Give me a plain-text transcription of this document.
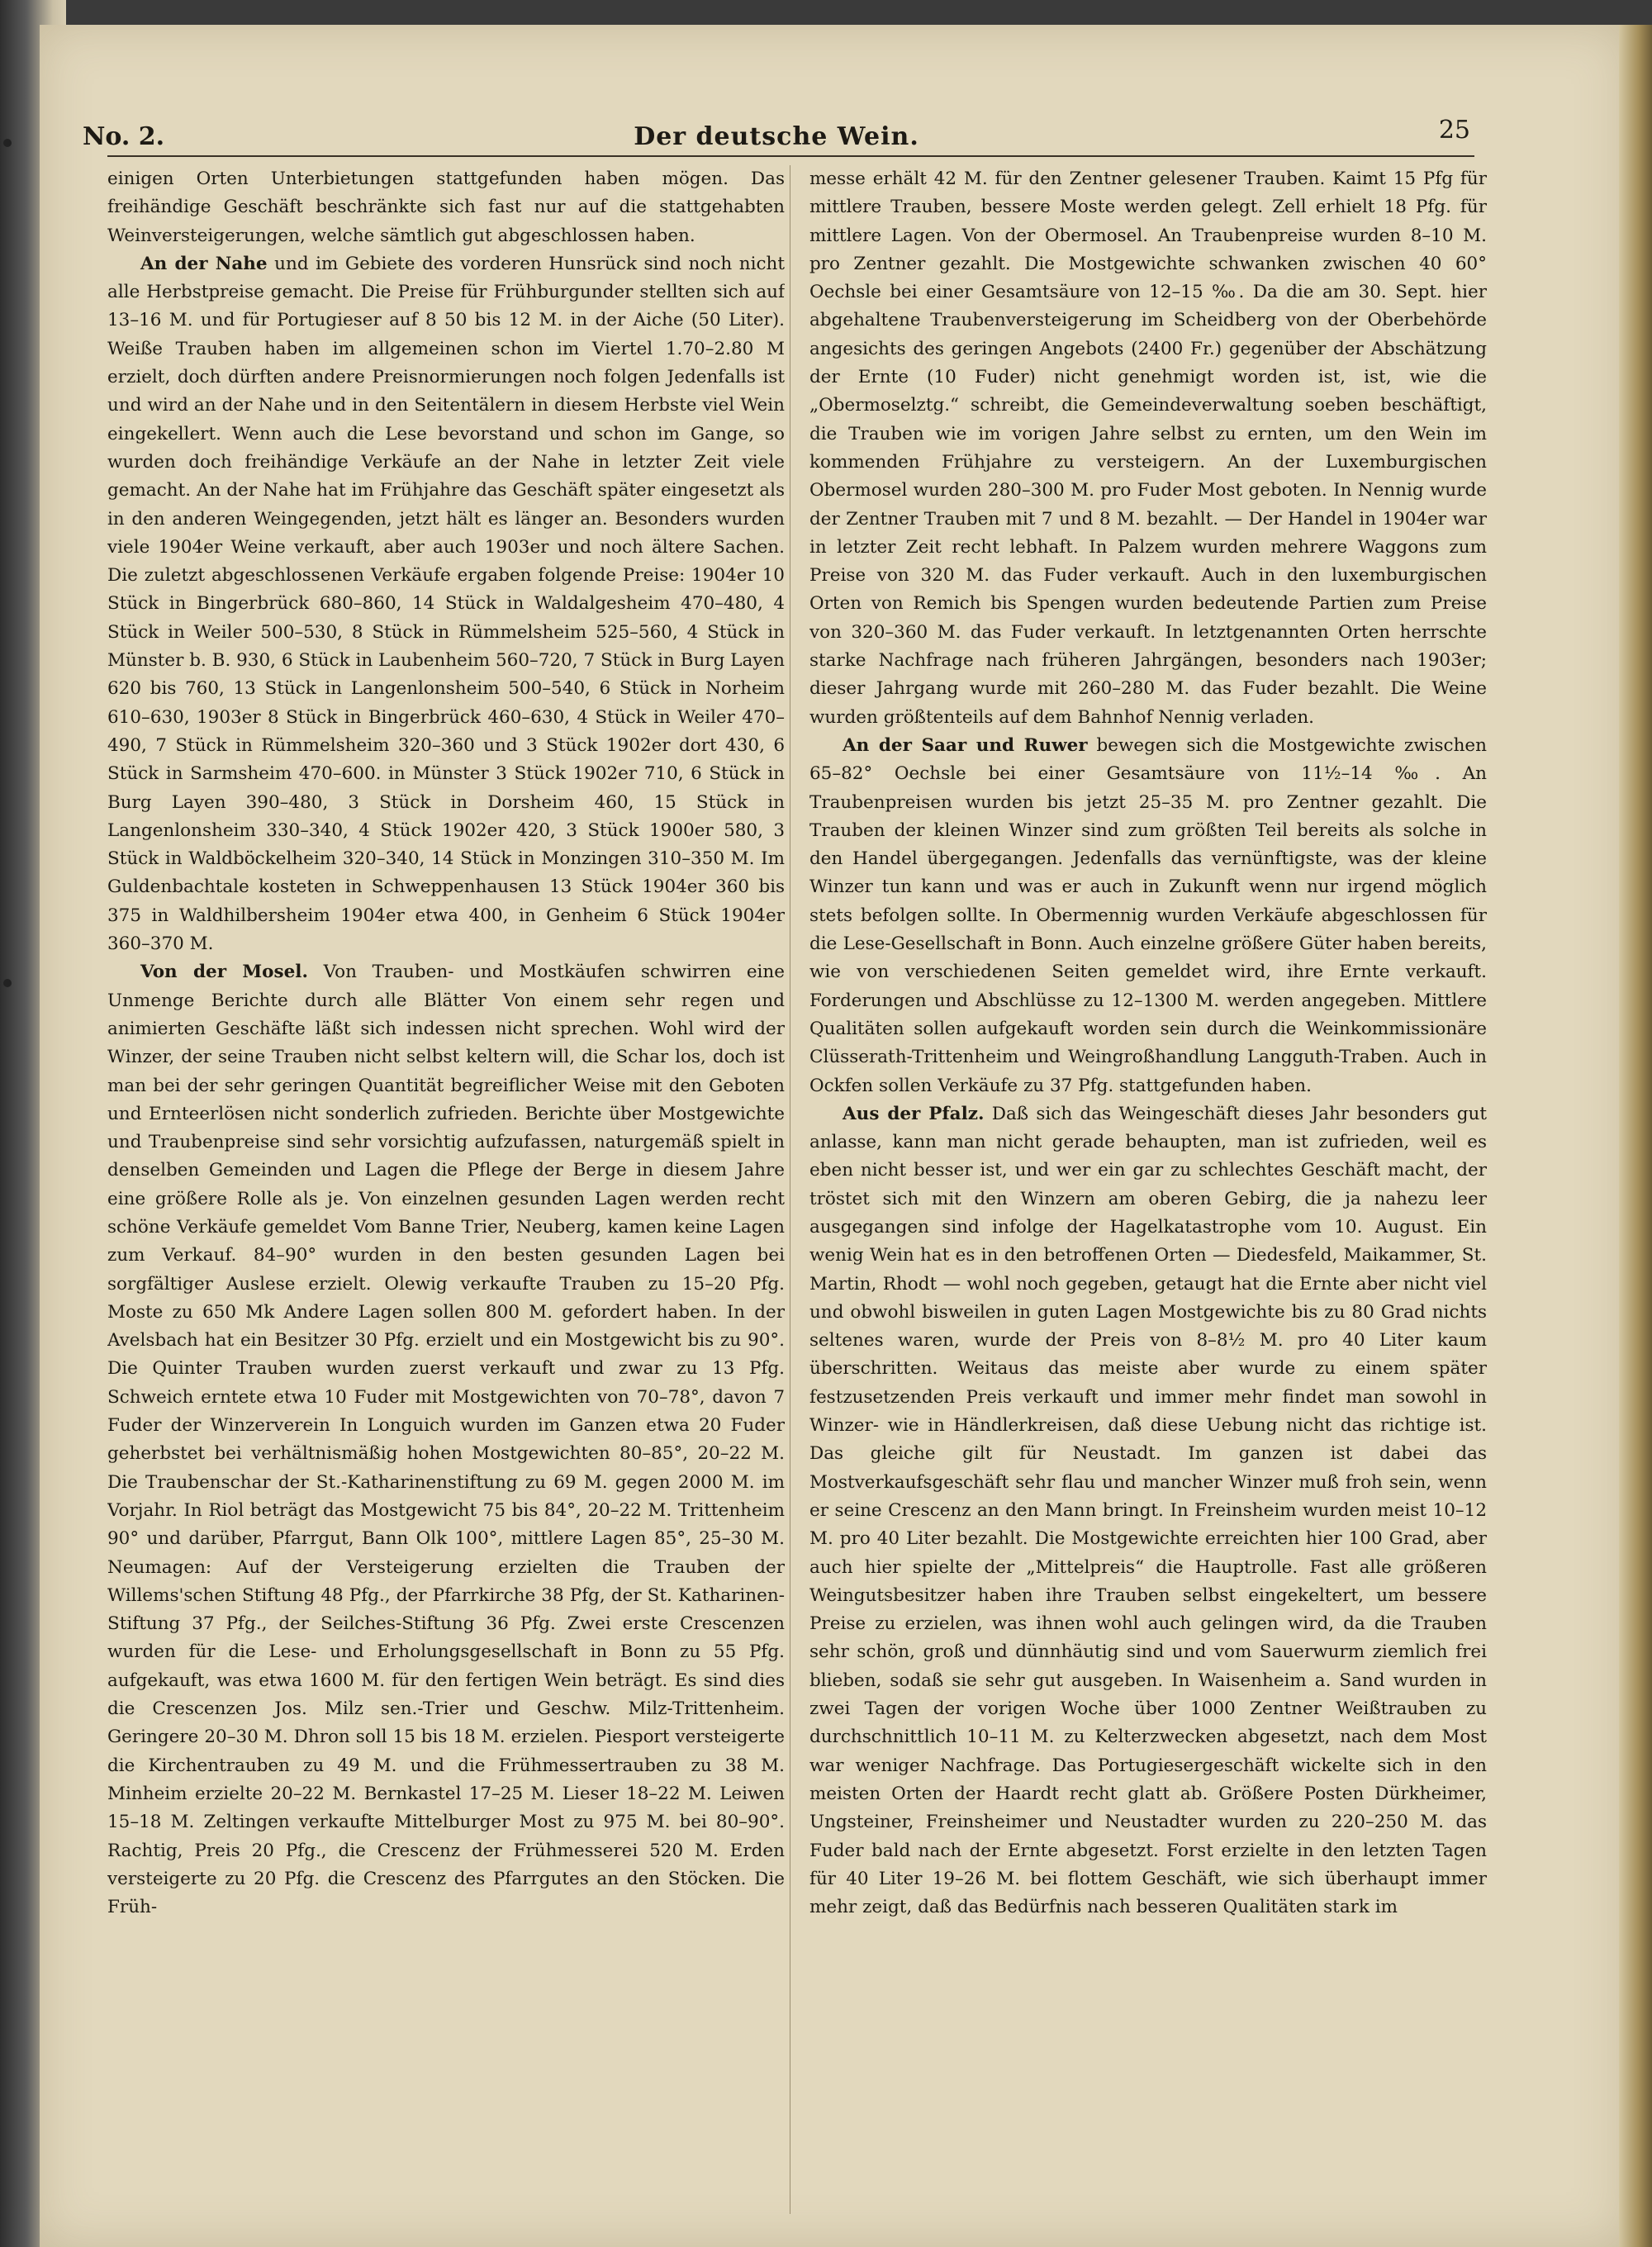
No. 2.	Der deutsche Wein.	25

einigen Orten Unterbietungen stattgefunden haben mögen. Das freihändige Geschäft beschränkte sich fast nur auf die stattgehabten Weinversteigerungen, welche sämtlich gut abgeschlossen haben.

An der Nahe und im Gebiete des vorderen Hunsrück sind noch nicht alle Herbstpreise gemacht. Die Preise für Frühburgunder stellten sich auf 13–16 M. und für Portugieser auf 8 50 bis 12 M. in der Aiche (50 Liter). Weiße Trauben haben im allgemeinen schon im Viertel 1.70–2.80 M erzielt, doch dürften andere Preisnormierungen noch folgen Jedenfalls ist und wird an der Nahe und in den Seitentälern in diesem Herbste viel Wein eingekellert. Wenn auch die Lese bevorstand und schon im Gange, so wurden doch freihändige Verkäufe an der Nahe in letzter Zeit viele gemacht. An der Nahe hat im Frühjahre das Geschäft später eingesetzt als in den anderen Weingegenden, jetzt hält es länger an. Besonders wurden viele 1904er Weine verkauft, aber auch 1903er und noch ältere Sachen. Die zuletzt abgeschlossenen Verkäufe ergaben folgende Preise: 1904er 10 Stück in Bingerbrück 680–860, 14 Stück in Waldalgesheim 470–480, 4 Stück in Weiler 500–530, 8 Stück in Rümmelsheim 525–560, 4 Stück in Münster b. B. 930, 6 Stück in Laubenheim 560–720, 7 Stück in Burg Layen 620 bis 760, 13 Stück in Langenlonsheim 500–540, 6 Stück in Norheim 610–630, 1903er 8 Stück in Bingerbrück 460–630, 4 Stück in Weiler 470–490, 7 Stück in Rümmelsheim 320–360 und 3 Stück 1902er dort 430, 6 Stück in Sarmsheim 470–600. in Münster 3 Stück 1902er 710, 6 Stück in Burg Layen 390–480, 3 Stück in Dorsheim 460, 15 Stück in Langenlonsheim 330–340, 4 Stück 1902er 420, 3 Stück 1900er 580, 3 Stück in Waldböckelheim 320–340, 14 Stück in Monzingen 310–350 M. Im Guldenbachtale kosteten in Schweppenhausen 13 Stück 1904er 360 bis 375 in Waldhilbersheim 1904er etwa 400, in Genheim 6 Stück 1904er 360–370 M.

Von der Mosel. Von Trauben- und Mostkäufen schwirren eine Unmenge Berichte durch alle Blätter Von einem sehr regen und animierten Geschäfte läßt sich indessen nicht sprechen. Wohl wird der Winzer, der seine Trauben nicht selbst keltern will, die Schar los, doch ist man bei der sehr geringen Quantität begreiflicher Weise mit den Geboten und Ernteerlösen nicht sonderlich zufrieden. Berichte über Mostgewichte und Traubenpreise sind sehr vorsichtig aufzufassen, naturgemäß spielt in denselben Gemeinden und Lagen die Pflege der Berge in diesem Jahre eine größere Rolle als je. Von einzelnen gesunden Lagen werden recht schöne Verkäufe gemeldet Vom Banne Trier, Neuberg, kamen keine Lagen zum Verkauf. 84–90° wurden in den besten gesunden Lagen bei sorgfältiger Auslese erzielt. Olewig verkaufte Trauben zu 15–20 Pfg. Moste zu 650 Mk Andere Lagen sollen 800 M. gefordert haben. In der Avelsbach hat ein Besitzer 30 Pfg. erzielt und ein Mostgewicht bis zu 90°. Die Quinter Trauben wurden zuerst verkauft und zwar zu 13 Pfg. Schweich erntete etwa 10 Fuder mit Mostgewichten von 70–78°, davon 7 Fuder der Winzerverein In Longuich wurden im Ganzen etwa 20 Fuder geherbstet bei verhältnismäßig hohen Mostgewichten 80–85°, 20–22 M. Die Traubenschar der St.-Katharinenstiftung zu 69 M. gegen 2000 M. im Vorjahr. In Riol beträgt das Mostgewicht 75 bis 84°, 20–22 M. Trittenheim 90° und darüber, Pfarrgut, Bann Olk 100°, mittlere Lagen 85°, 25–30 M. Neumagen: Auf der Versteigerung erzielten die Trauben der Willems'schen Stiftung 48 Pfg., der Pfarrkirche 38 Pfg, der St. Katharinen-Stiftung 37 Pfg., der Seilches-Stiftung 36 Pfg. Zwei erste Crescenzen wurden für die Lese- und Erholungsgesellschaft in Bonn zu 55 Pfg. aufgekauft, was etwa 1600 M. für den fertigen Wein beträgt. Es sind dies die Crescenzen Jos. Milz sen.-Trier und Geschw. Milz-Trittenheim. Geringere 20–30 M. Dhron soll 15 bis 18 M. erzielen. Piesport versteigerte die Kirchentrauben zu 49 M. und die Frühmessertrauben zu 38 M. Minheim erzielte 20–22 M. Bernkastel 17–25 M. Lieser 18–22 M. Leiwen 15–18 M. Zeltingen verkaufte Mittelburger Most zu 975 M. bei 80–90°. Rachtig, Preis 20 Pfg., die Crescenz der Frühmesserei 520 M. Erden versteigerte zu 20 Pfg. die Crescenz des Pfarrgutes an den Stöcken. Die Früh-

messe erhält 42 M. für den Zentner gelesener Trauben. Kaimt 15 Pfg für mittlere Trauben, bessere Moste werden gelegt. Zell erhielt 18 Pfg. für mittlere Lagen. Von der Obermosel. An Traubenpreise wurden 8–10 M. pro Zentner gezahlt. Die Mostgewichte schwanken zwischen 40 60° Oechsle bei einer Gesamtsäure von 12–15 ‰. Da die am 30. Sept. hier abgehaltene Traubenversteigerung im Scheidberg von der Oberbehörde angesichts des geringen Angebots (2400 Fr.) gegenüber der Abschätzung der Ernte (10 Fuder) nicht genehmigt worden ist, ist, wie die „Obermoselztg.“ schreibt, die Gemeindeverwaltung soeben beschäftigt, die Trauben wie im vorigen Jahre selbst zu ernten, um den Wein im kommenden Frühjahre zu versteigern. An der Luxemburgischen Obermosel wurden 280–300 M. pro Fuder Most geboten. In Nennig wurde der Zentner Trauben mit 7 und 8 M. bezahlt. — Der Handel in 1904er war in letzter Zeit recht lebhaft. In Palzem wurden mehrere Waggons zum Preise von 320 M. das Fuder verkauft. Auch in den luxemburgischen Orten von Remich bis Spengen wurden bedeutende Partien zum Preise von 320–360 M. das Fuder verkauft. In letztgenannten Orten herrschte starke Nachfrage nach früheren Jahrgängen, besonders nach 1903er; dieser Jahrgang wurde mit 260–280 M. das Fuder bezahlt. Die Weine wurden größtenteils auf dem Bahnhof Nennig verladen.

An der Saar und Ruwer bewegen sich die Mostgewichte zwischen 65–82° Oechsle bei einer Gesamtsäure von 11½–14 ‰. An Traubenpreisen wurden bis jetzt 25–35 M. pro Zentner gezahlt. Die Trauben der kleinen Winzer sind zum größten Teil bereits als solche in den Handel übergegangen. Jedenfalls das vernünftigste, was der kleine Winzer tun kann und was er auch in Zukunft wenn nur irgend möglich stets befolgen sollte. In Obermennig wurden Verkäufe abgeschlossen für die Lese-Gesellschaft in Bonn. Auch einzelne größere Güter haben bereits, wie von verschiedenen Seiten gemeldet wird, ihre Ernte verkauft. Forderungen und Abschlüsse zu 12–1300 M. werden angegeben. Mittlere Qualitäten sollen aufgekauft worden sein durch die Weinkommissionäre Clüsserath-Trittenheim und Weingroßhandlung Langguth-Traben. Auch in Ockfen sollen Verkäufe zu 37 Pfg. stattgefunden haben.

Aus der Pfalz. Daß sich das Weingeschäft dieses Jahr besonders gut anlasse, kann man nicht gerade behaupten, man ist zufrieden, weil es eben nicht besser ist, und wer ein gar zu schlechtes Geschäft macht, der tröstet sich mit den Winzern am oberen Gebirg, die ja nahezu leer ausgegangen sind infolge der Hagelkatastrophe vom 10. August. Ein wenig Wein hat es in den betroffenen Orten — Diedesfeld, Maikammer, St. Martin, Rhodt — wohl noch gegeben, getaugt hat die Ernte aber nicht viel und obwohl bisweilen in guten Lagen Mostgewichte bis zu 80 Grad nichts seltenes waren, wurde der Preis von 8–8½ M. pro 40 Liter kaum überschritten. Weitaus das meiste aber wurde zu einem später festzusetzenden Preis verkauft und immer mehr findet man sowohl in Winzer- wie in Händlerkreisen, daß diese Uebung nicht das richtige ist. Das gleiche gilt für Neustadt. Im ganzen ist dabei das Mostverkaufsgeschäft sehr flau und mancher Winzer muß froh sein, wenn er seine Crescenz an den Mann bringt. In Freinsheim wurden meist 10–12 M. pro 40 Liter bezahlt. Die Mostgewichte erreichten hier 100 Grad, aber auch hier spielte der „Mittelpreis“ die Hauptrolle. Fast alle größeren Weingutsbesitzer haben ihre Trauben selbst eingekeltert, um bessere Preise zu erzielen, was ihnen wohl auch gelingen wird, da die Trauben sehr schön, groß und dünnhäutig sind und vom Sauerwurm ziemlich frei blieben, sodaß sie sehr gut ausgeben. In Waisenheim a. Sand wurden in zwei Tagen der vorigen Woche über 1000 Zentner Weißtrauben zu durchschnittlich 10–11 M. zu Kelterzwecken abgesetzt, nach dem Most war weniger Nachfrage. Das Portugiesergeschäft wickelte sich in den meisten Orten der Haardt recht glatt ab. Größere Posten Dürkheimer, Ungsteiner, Freinsheimer und Neustadter wurden zu 220–250 M. das Fuder bald nach der Ernte abgesetzt. Forst erzielte in den letzten Tagen für 40 Liter 19–26 M. bei flottem Geschäft, wie sich überhaupt immer mehr zeigt, daß das Bedürfnis nach besseren Qualitäten stark im
